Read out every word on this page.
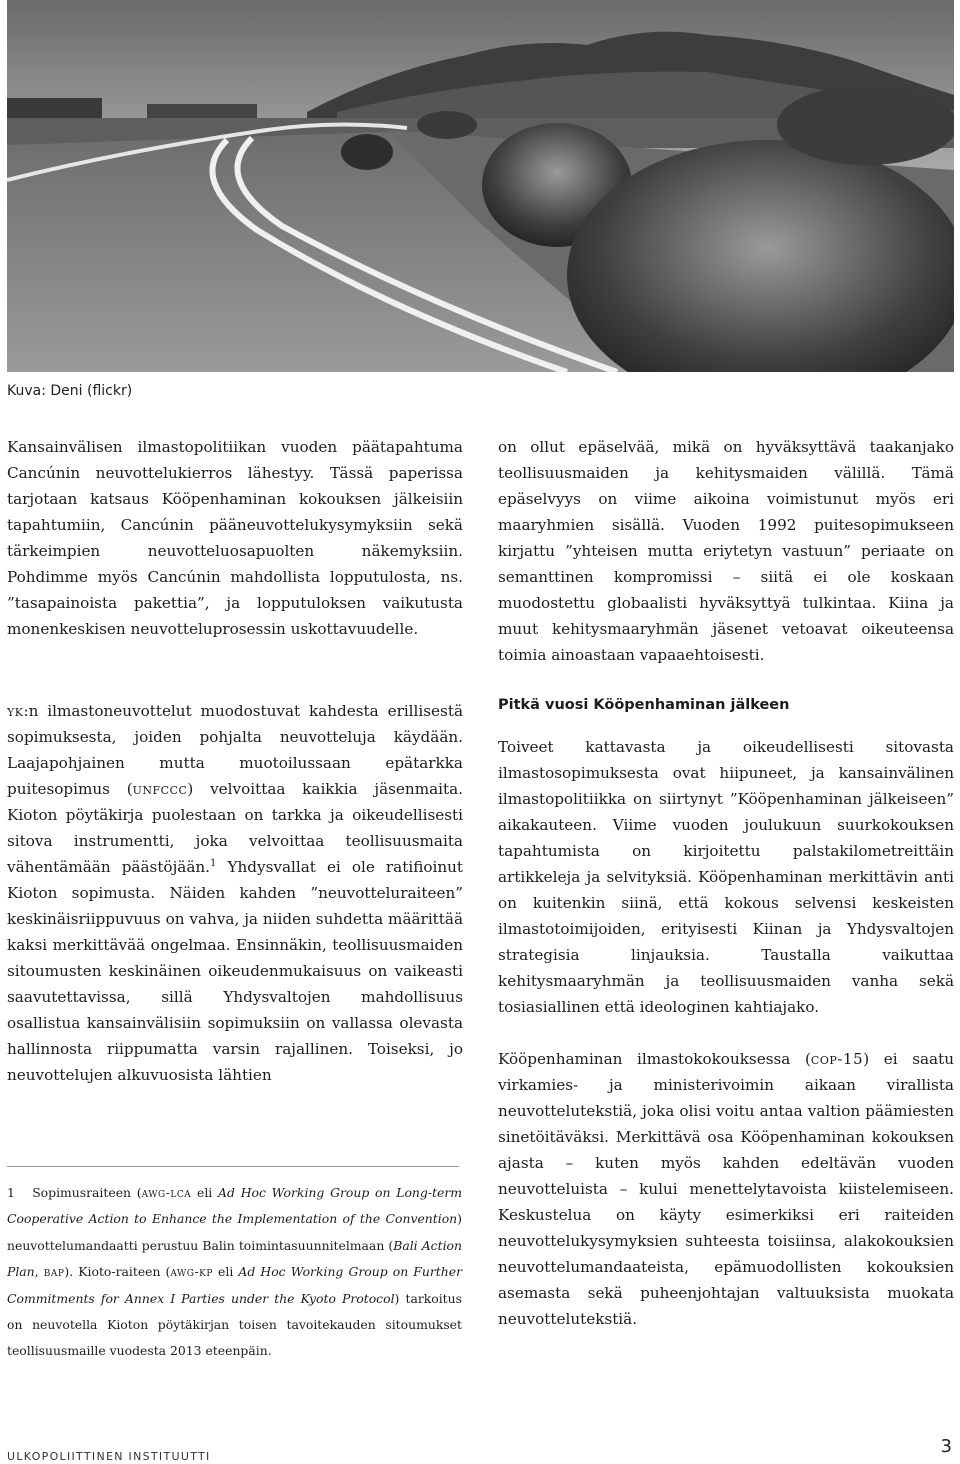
Kuva: Deni (flickr)

Kansainvälisen ilmastopolitiikan vuoden päätapahtuma Cancúnin neuvottelukierros lähestyy. Tässä paperissa tarjotaan katsaus Kööpenhaminan kokouksen jälkeisiin tapahtumiin, Cancúnin pääneuvottelukysymyksiin sekä tärkeimpien neuvotteluosapuolten näkemyksiin. Pohdimme myös Cancúnin mahdollista lopputulosta, ns. ”tasapainoista pakettia”, ja lopputuloksen vaikutusta monenkeskisen neuvotteluprosessin uskottavuudelle.

yk:n ilmastoneuvottelut muodostuvat kahdesta erillisestä sopimuksesta, joiden pohjalta neuvotteluja käydään. Laajapohjainen mutta muotoilussaan epätarkka puitesopimus (unfccc) velvoittaa kaikkia jäsenmaita. Kioton pöytäkirja puolestaan on tarkka ja oikeudellisesti sitova instrumentti, joka velvoittaa teollisuusmaita vähentämään päästöjään.$^1$ Yhdysvallat ei ole ratifioinut Kioton sopimusta. Näiden kahden ”neuvotteluraiteen” keskinäisriippuvuus on vahva, ja niiden suhdetta määrittää kaksi merkittävää ongelmaa. Ensinnäkin, teollisuusmaiden sitoumusten keskinäinen oikeudenmukaisuus on vaikeasti saavutettavissa, sillä Yhdysvaltojen mahdollisuus osallistua kansainvälisiin sopimuksiin on vallassa olevasta hallinnosta riippumatta varsin rajallinen. Toiseksi, jo neuvottelujen alkuvuosista lähtien

on ollut epäselvää, mikä on hyväksyttävä taakanjako teollisuusmaiden ja kehitysmaiden välillä. Tämä epäselvyys on viime aikoina voimistunut myös eri maaryhmien sisällä. Vuoden 1992 puitesopimukseen kirjattu ”yhteisen mutta eriytetyn vastuun” periaate on semanttinen kompromissi – siitä ei ole koskaan muodostettu globaalisti hyväksyttyä tulkintaa. Kiina ja muut kehitysmaaryhmän jäsenet vetoavat oikeuteensa toimia ainoastaan vapaaehtoisesti.

Pitkä vuosi Kööpenhaminan jälkeen

Toiveet kattavasta ja oikeudellisesti sitovasta ilmastosopimuksesta ovat hiipuneet, ja kansainvälinen ilmastopolitiikka on siirtynyt ”Kööpenhaminan jälkeiseen” aikakauteen. Viime vuoden joulukuun suurkokouksen tapahtumista on kirjoitettu palstakilometreittäin artikkeleja ja selvityksiä. Kööpenhaminan merkittävin anti on kuitenkin siinä, että kokous selvensi keskeisten ilmastotoimijoiden, erityisesti Kiinan ja Yhdysvaltojen strategisia linjauksia. Taustalla vaikuttaa kehitysmaaryhmän ja teollisuusmaiden vanha sekä tosiasiallinen että ideologinen kahtiajako.

Kööpenhaminan ilmastokokouksessa (cop-15) ei saatu virkamies- ja ministerivoimin aikaan virallista neuvottelutekstiä, joka olisi voitu antaa valtion päämiesten sinetöitäväksi. Merkittävä osa Kööpenhaminan kokouksen ajasta – kuten myös kahden edeltävän vuoden neuvotteluista – kului menettelytavoista kiistelemiseen. Keskustelua on käyty esimerkiksi eri raiteiden neuvottelukysymyksien suhteesta toisiinsa, alakokouksien neuvottelumandaateista, epämuodollisten kokouksien asemasta sekä puheenjohtajan valtuuksista muokata neuvottelutekstiä.

1 Sopimusraiteen (awg-lca eli Ad Hoc Working Group on Long-term Cooperative Action to Enhance the Implementation of the Convention) neuvottelumandaatti perustuu Balin toimintasuunnitelmaan (Bali Action Plan, bap). Kioto-raiteen (awg-kp eli Ad Hoc Working Group on Further Commitments for Annex I Parties under the Kyoto Protocol) tarkoitus on neuvotella Kioton pöytäkirjan toisen tavoitekauden sitoumukset teollisuusmaille vuodesta 2013 eteenpäin.
ULKOPOLIITTINEN INSTITUUTTI	3
